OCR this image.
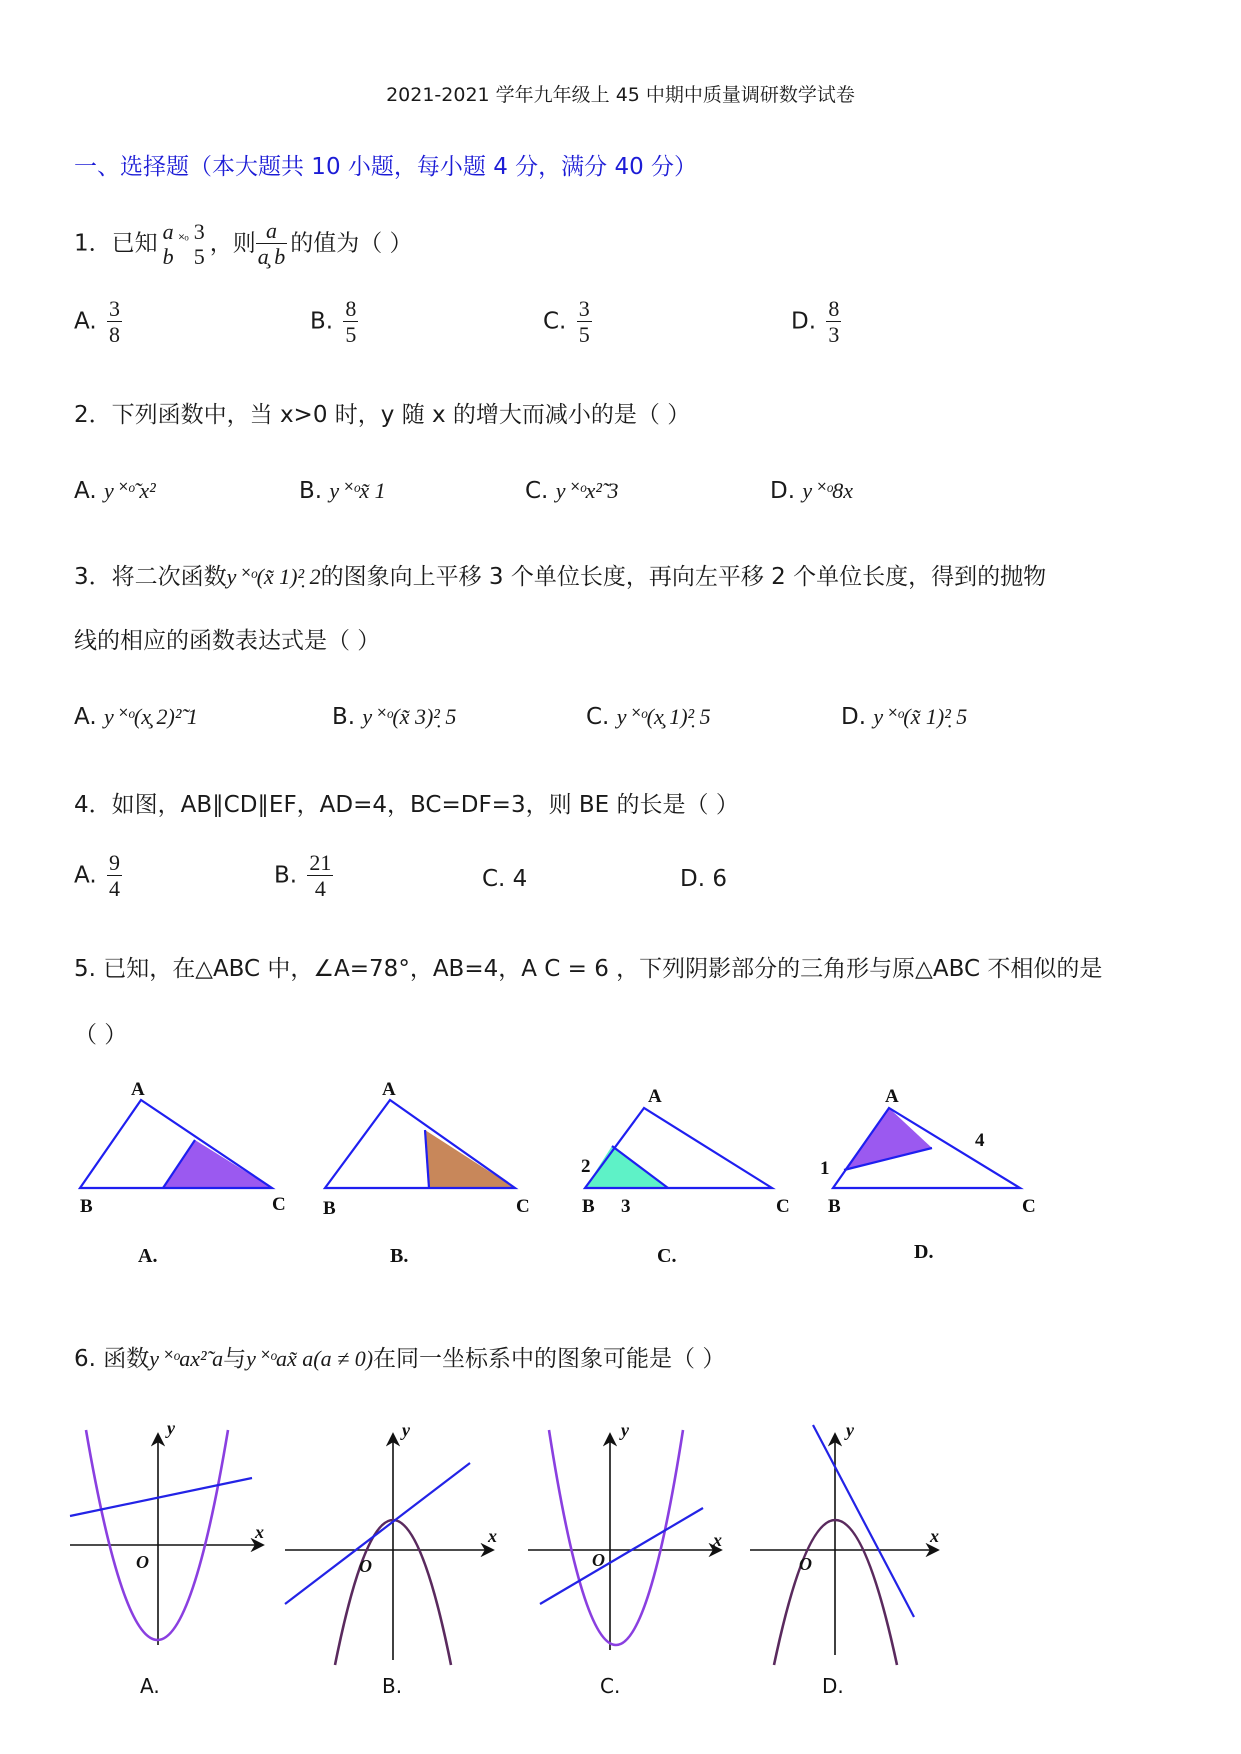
2021-2021 学年九年级上 45 中期中质量调研数学试卷
一、选择题（本大题共 10 小题，每小题 4 分，满分 40 分）
1．已知 a
b
$^{˟ᵒ}$ 3
5 ，则 $\frac{a}{a̧ b}$ 的值为（ ）
A. $\frac{3}{8}$	B. $\frac{8}{5}$	C. $\frac{3}{5}$	D. $\frac{8}{3}$
2．下列函数中，当 x>0 时，y 随 x 的增大而减小的是（ ）
A. y ˟ᵒ̃ x²	B. y ˟ᵒx̃ 1	C. y ˟ᵒx²̃ 3	D. y ˟ᵒ8x
3．将二次函数y ˟ᵒ(x̃ 1)²̣ 2的图象向上平移 3 个单位长度，再向左平移 2 个单位长度，得到的抛物
线的相应的函数表达式是（ ）
A. y ˟ᵒ(x̧ 2)²̃ 1	B. y ˟ᵒ(x̃ 3)²̣ 5	C. y ˟ᵒ(x̧ 1)²̣ 5	D. y ˟ᵒ(x̃ 1)²̣ 5
4．如图，AB∥CD∥EF，AD=4，BC=DF=3，则 BE 的长是（ ）
A. $\frac{9}{4}$	B. $\frac{21}{4}$	C. 4	D. 6
5. 已知，在△ABC 中，∠A=78°，AB=4，A C = 6 ，下列阴影部分的三角形与原△ABC 不相似的是
（ ）
A
B	C
A.
A
B	C
B.
A
B	C
2
3
C.
A
B	C
1
4
D.
6. 函数y ˟ᵒax²̃ a与y ˟ᵒax̃ a(a ≠ 0)在同一坐标系中的图象可能是（ ）
x
y
O
A.
x
y
O
B.
x
y
O
C.
x
y
O
D.
